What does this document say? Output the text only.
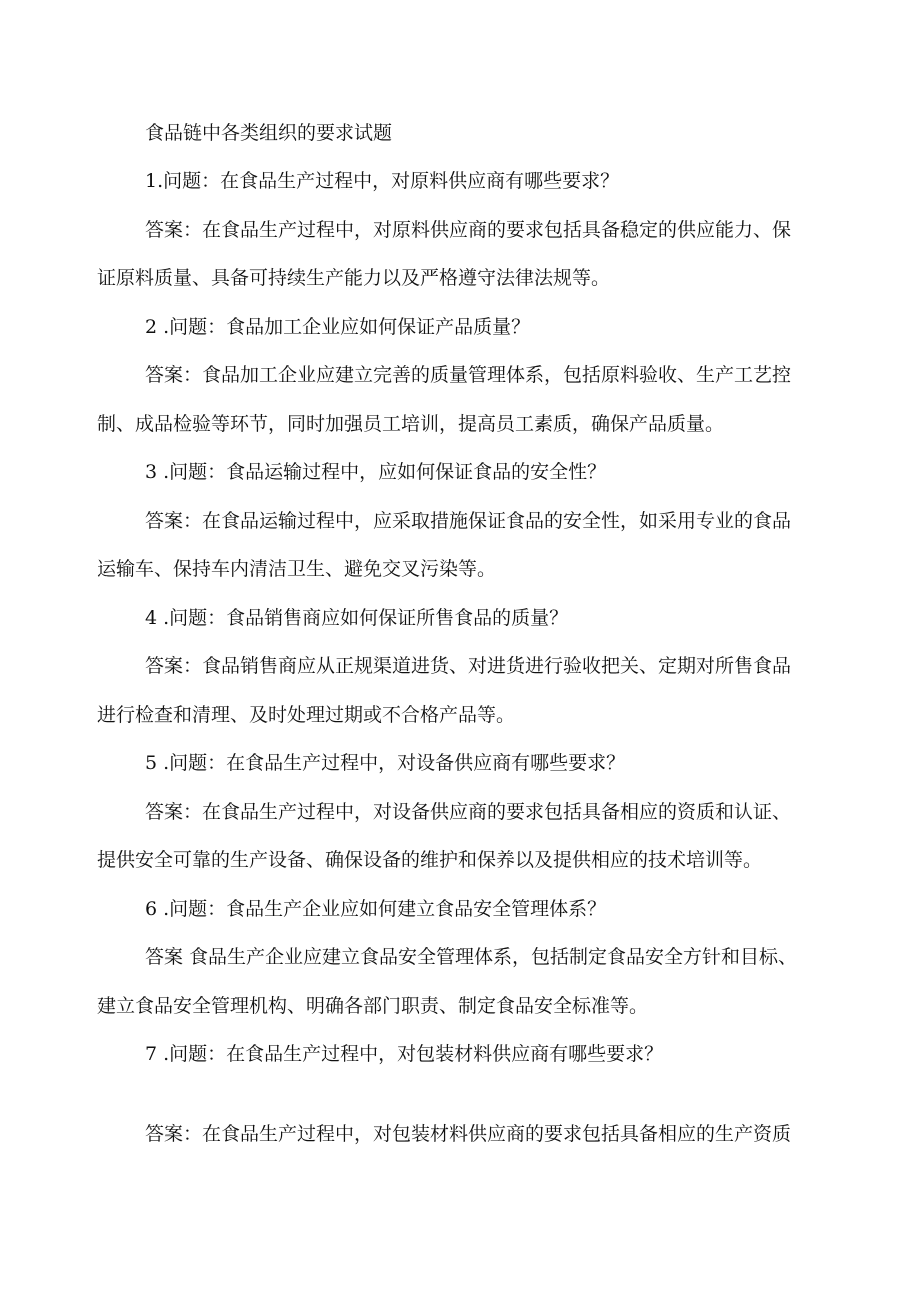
食品链中各类组织的要求试题
1.问题：在食品生产过程中，对原料供应商有哪些要求？
答案：在食品生产过程中，对原料供应商的要求包括具备稳定的供应能力、保
证原料质量、具备可持续生产能力以及严格遵守法律法规等。
2 .问题：食品加工企业应如何保证产品质量？
答案：食品加工企业应建立完善的质量管理体系，包括原料验收、生产工艺控
制、成品检验等环节，同时加强员工培训，提高员工素质，确保产品质量。
3 .问题：食品运输过程中，应如何保证食品的安全性？
答案：在食品运输过程中，应采取措施保证食品的安全性，如采用专业的食品
运输车、保持车内清洁卫生、避免交叉污染等。
4 .问题：食品销售商应如何保证所售食品的质量？
答案：食品销售商应从正规渠道进货、对进货进行验收把关、定期对所售食品
进行检查和清理、及时处理过期或不合格产品等。
5 .问题：在食品生产过程中，对设备供应商有哪些要求？
答案：在食品生产过程中，对设备供应商的要求包括具备相应的资质和认证、
提供安全可靠的生产设备、确保设备的维护和保养以及提供相应的技术培训等。
6 .问题：食品生产企业应如何建立食品安全管理体系？
答案 食品生产企业应建立食品安全管理体系，包括制定食品安全方针和目标、
建立食品安全管理机构、明确各部门职责、制定食品安全标准等。
7 .问题：在食品生产过程中，对包装材料供应商有哪些要求？
答案：在食品生产过程中，对包装材料供应商的要求包括具备相应的生产资质
